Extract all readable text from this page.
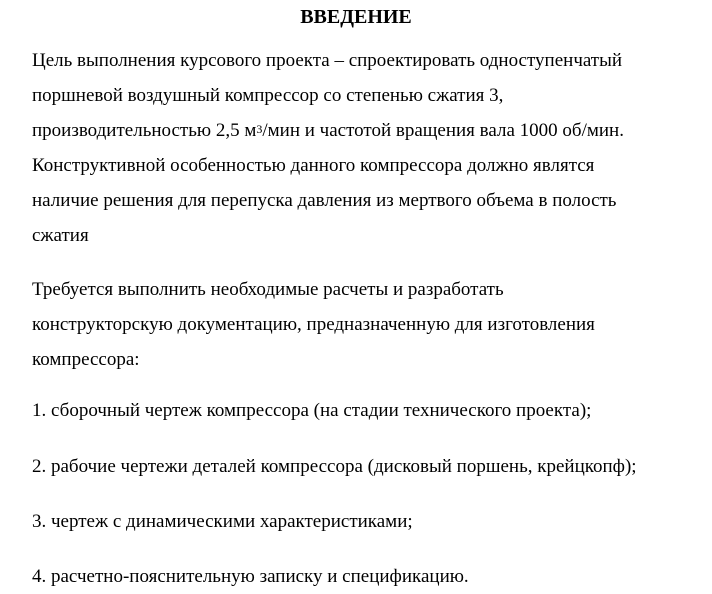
ВВЕДЕНИЕ

Цель выполнения курсового проекта – спроектировать одноступенчатый
поршневой воздушный компрессор со степенью сжатия 3,
производительностью 2,5 $м^3$/мин и частотой вращения вала 1000 об/мин.
Конструктивной особенностью данного компрессора должно являтся
наличие решения для перепуска давления из мертвого объема в полость
сжатия

Требуется выполнить необходимые расчеты и разработать
конструкторскую документацию, предназначенную для изготовления
компрессора:

1. сборочный чертеж компрессора (на стадии технического проекта);

2. рабочие чертежи деталей компрессора (дисковый поршень, крейцкопф);

3. чертеж с динамическими характеристиками;

4. расчетно-пояснительную записку и спецификацию.
